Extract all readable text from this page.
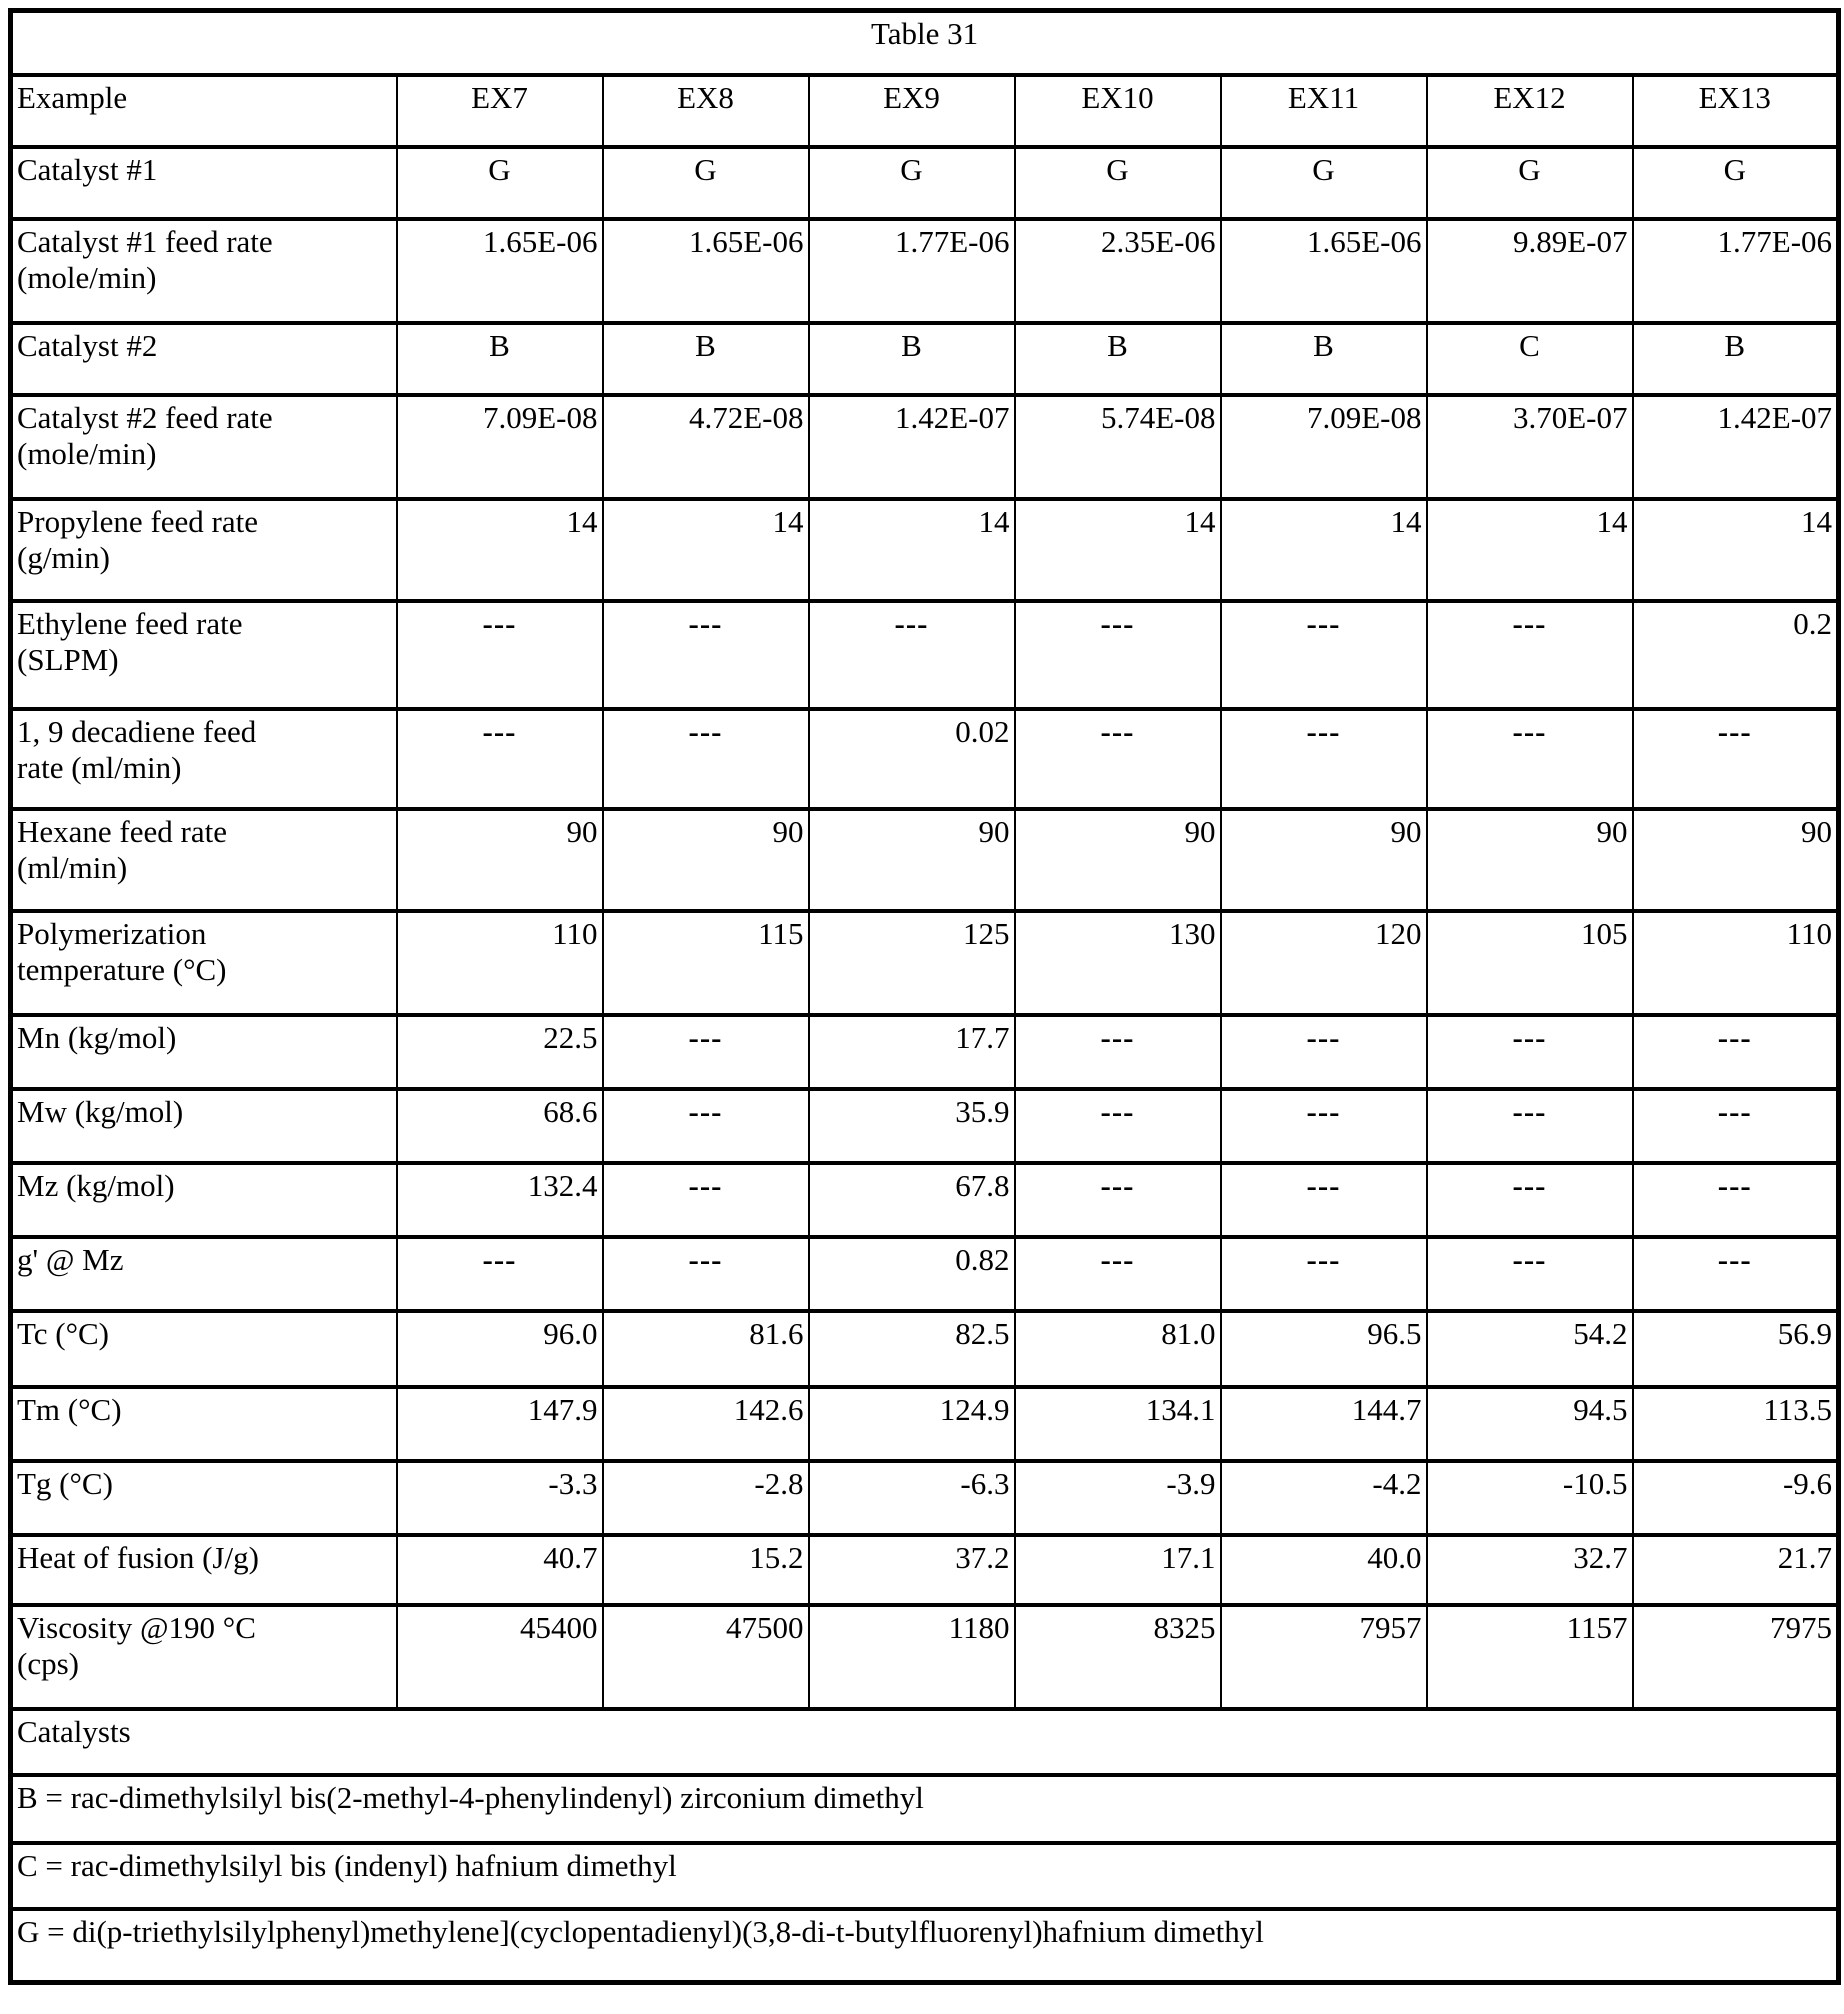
Table 31							
Example	EX7	EX8	EX9	EX10	EX11	EX12	EX13
Catalyst #1	G	G	G	G	G	G	G
Catalyst #1 feed rate
(mole/min)	1.65E-06	1.65E-06	1.77E-06	2.35E-06	1.65E-06	9.89E-07	1.77E-06
Catalyst #2	B	B	B	B	B	C	B
Catalyst #2 feed rate
(mole/min)	7.09E-08	4.72E-08	1.42E-07	5.74E-08	7.09E-08	3.70E-07	1.42E-07
Propylene feed rate
(g/min)	14	14	14	14	14	14	14
Ethylene feed rate
(SLPM)	---	---	---	---	---	---	0.2
1, 9 decadiene feed
rate (ml/min)	---	---	0.02	---	---	---	---
Hexane feed rate
(ml/min)	90	90	90	90	90	90	90
Polymerization
temperature (°C)	110	115	125	130	120	105	110
Mn (kg/mol)	22.5	---	17.7	---	---	---	---
Mw (kg/mol)	68.6	---	35.9	---	---	---	---
Mz (kg/mol)	132.4	---	67.8	---	---	---	---
g' @ Mz	---	---	0.82	---	---	---	---
Tc (°C)	96.0	81.6	82.5	81.0	96.5	54.2	56.9
Tm (°C)	147.9	142.6	124.9	134.1	144.7	94.5	113.5
Tg (°C)	-3.3	-2.8	-6.3	-3.9	-4.2	-10.5	-9.6
Heat of fusion (J/g)	40.7	15.2	37.2	17.1	40.0	32.7	21.7
Viscosity @190 °C
(cps)	45400	47500	1180	8325	7957	1157	7975
Catalysts							
B = rac-dimethylsilyl bis(2-methyl-4-phenylindenyl) zirconium dimethyl							
C = rac-dimethylsilyl bis (indenyl) hafnium dimethyl							
G = di(p-triethylsilylphenyl)methylene](cyclopentadienyl)(3,8-di-t-butylfluorenyl)hafnium dimethyl							
